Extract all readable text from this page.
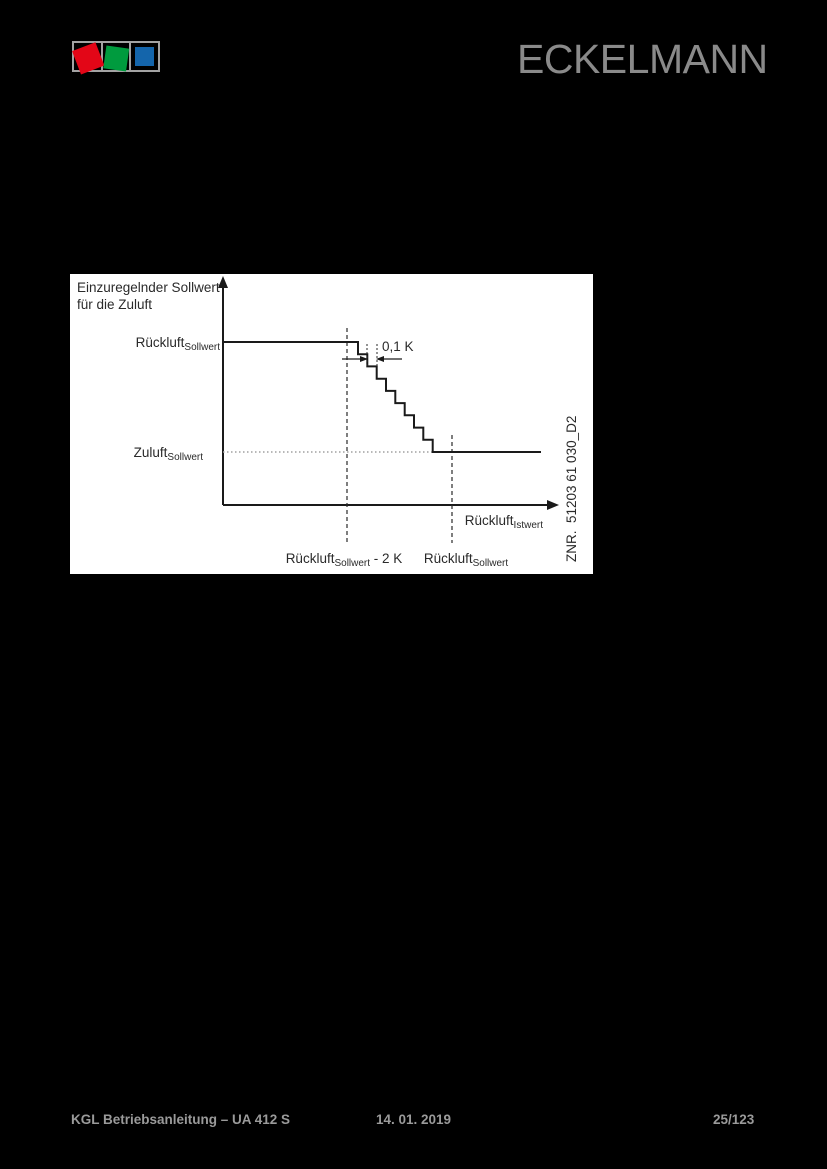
ECKELMANN
Einzuregelnder Sollwert
für die Zuluft
Rückluft$_{Sollwert}$
Zuluft$_{Sollwert}$
0,1 K
Rückluft$_{Istwert}$
Rückluft$_{Sollwert}$ - 2 K Rückluft$_{Sollwert}$
ZNR.  51203 61 030_D2
KGL Betriebsanleitung – UA 412 S	14. 01. 2019	25/123
